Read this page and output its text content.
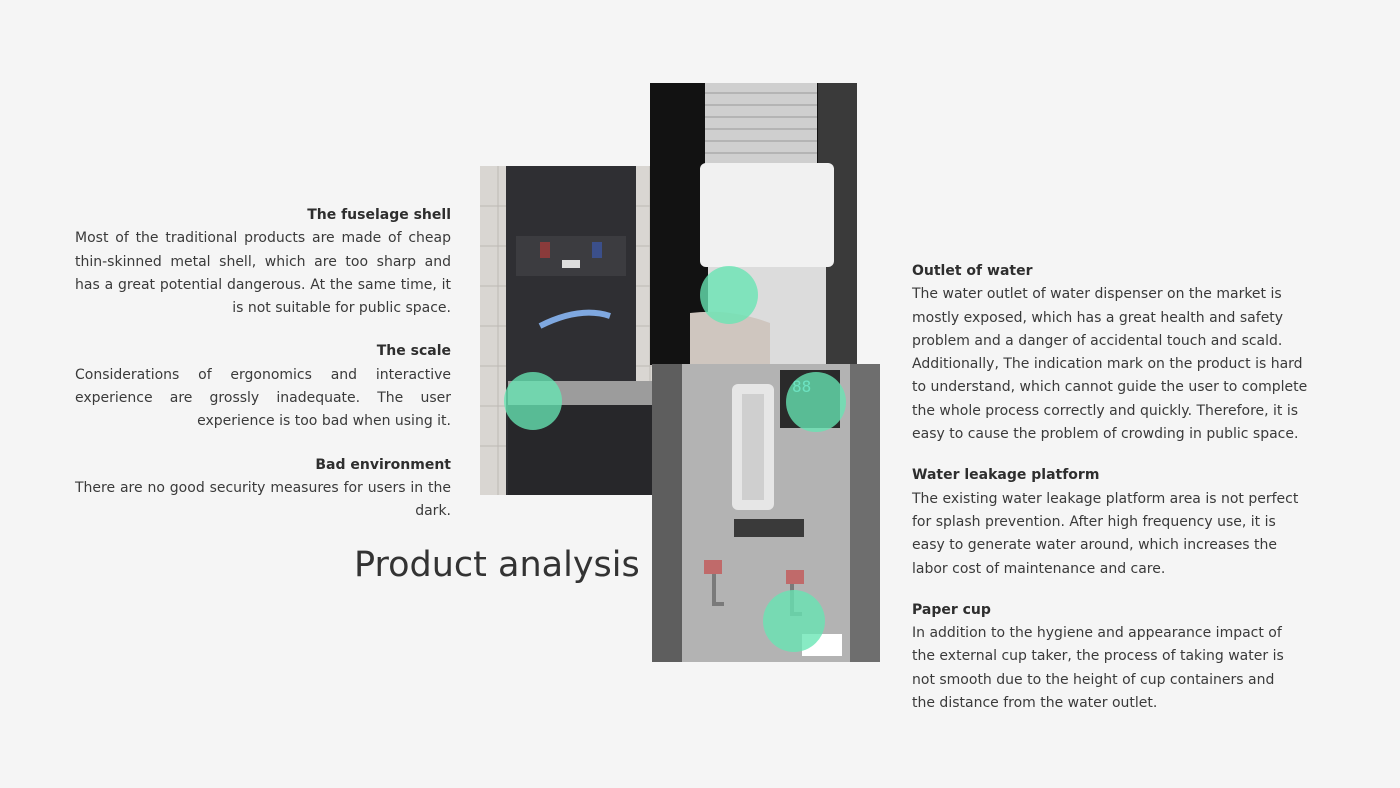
The fuselage shell
Most of the traditional products are made of cheap thin-skinned metal shell, which are too sharp and has a great potential dangerous. At the same time, it is not suitable for public space.
The scale
Considerations of ergonomics and interactive experience are grossly inadequate. The user experience is too bad when using it.
Bad environment
There are no good security measures for users in the dark.
Product analysis
Outlet of water

The water outlet of water dispenser on the market is mostly exposed, which has a great health and safety problem and a danger of accidental touch and scald.

Additionally, The indication mark on the product is hard to understand, which cannot guide the user to complete the whole process correctly and quickly. Therefore, it is easy to cause the problem of crowding in public space.

Water leakage platform

The existing water leakage platform area is not perfect for splash prevention. After high frequency use, it is easy to generate water around, which increases the labor cost of maintenance and care.

Paper cup

In addition to the hygiene and appearance impact of the external cup taker, the process of taking water is not smooth due to the height of cup containers and the distance from the water outlet.
